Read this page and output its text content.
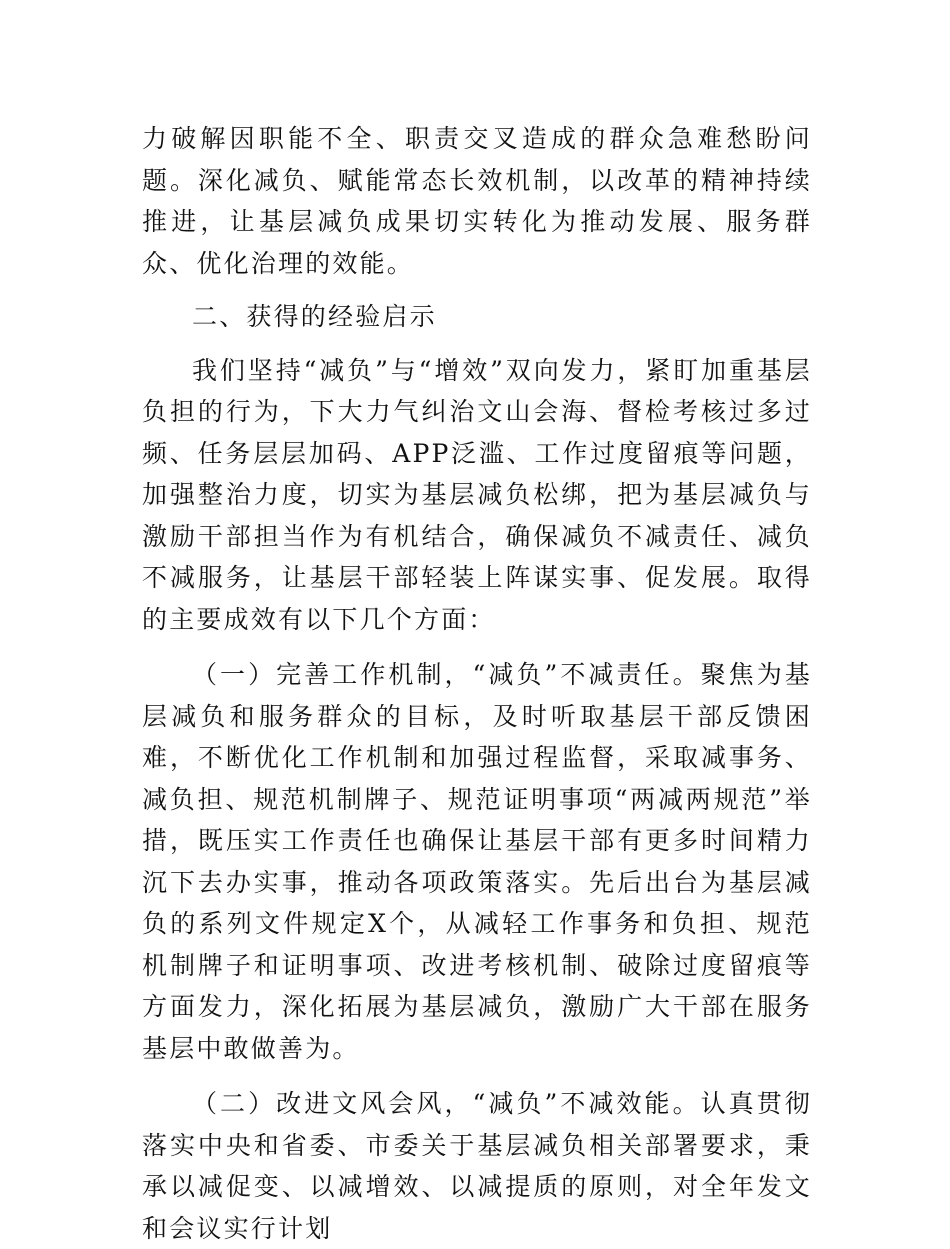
力破解因职能不全、职责交叉造成的群众急难愁盼问题。深化减负、赋能常态长效机制，以改革的精神持续推进，让基层减负成果切实转化为推动发展、服务群众、优化治理的效能。

二、获得的经验启示

我们坚持“减负”与“增效”双向发力，紧盯加重基层负担的行为，下大力气纠治文山会海、督检考核过多过频、任务层层加码、APP泛滥、工作过度留痕等问题，加强整治力度，切实为基层减负松绑，把为基层减负与激励干部担当作为有机结合，确保减负不减责任、减负不减服务，让基层干部轻装上阵谋实事、促发展。取得的主要成效有以下几个方面：

（一）完善工作机制，“减负”不减责任。聚焦为基层减负和服务群众的目标，及时听取基层干部反馈困难，不断优化工作机制和加强过程监督，采取减事务、减负担、规范机制牌子、规范证明事项“两减两规范”举措，既压实工作责任也确保让基层干部有更多时间精力沉下去办实事，推动各项政策落实。先后出台为基层减负的系列文件规定X个，从减轻工作事务和负担、规范机制牌子和证明事项、改进考核机制、破除过度留痕等方面发力，深化拓展为基层减负，激励广大干部在服务基层中敢做善为。

（二）改进文风会风，“减负”不减效能。认真贯彻落实中央和省委、市委关于基层减负相关部署要求，秉承以减促变、以减增效、以减提质的原则，对全年发文和会议实行计划
